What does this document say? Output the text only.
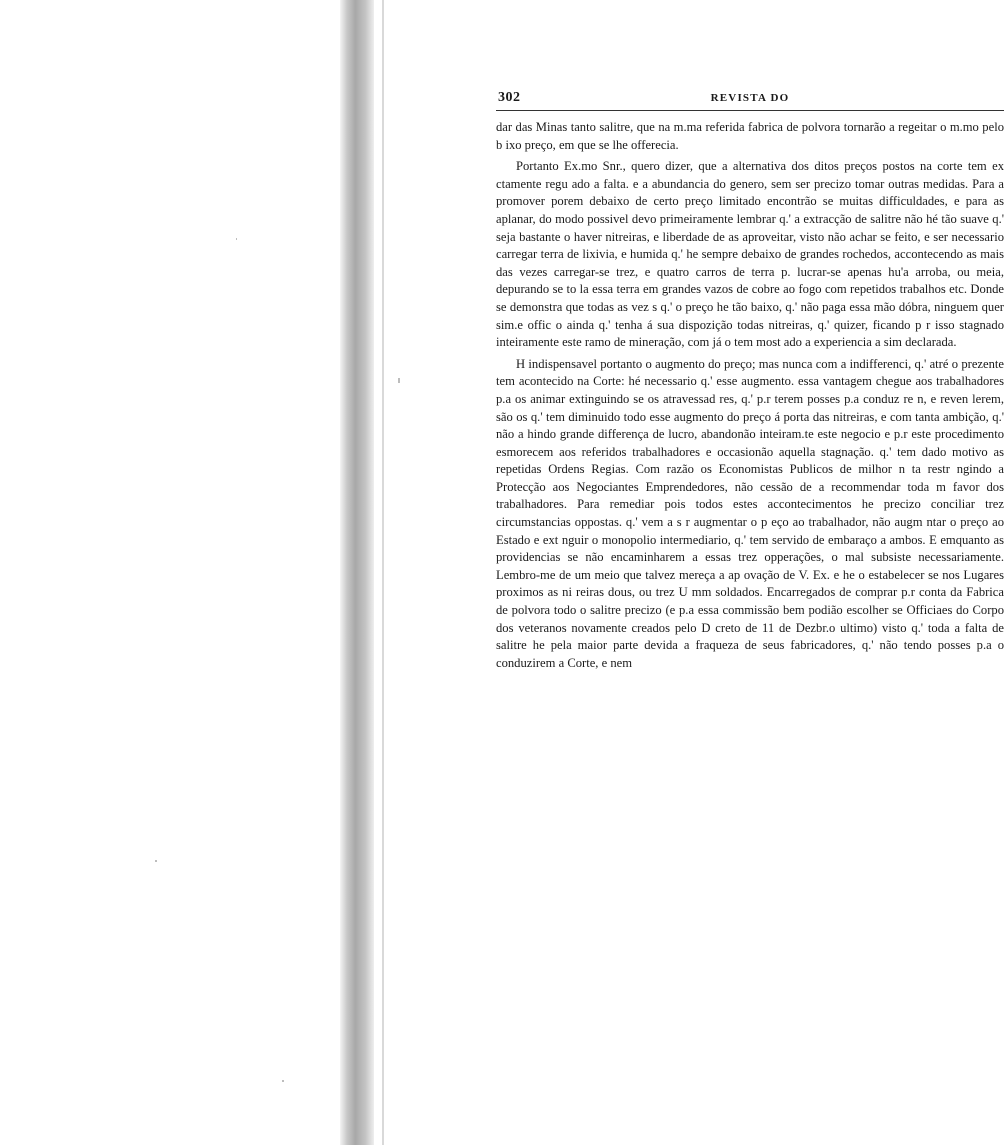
302	REVISTA DO

dar das Minas tanto salitre, que na m.ma referida fabrica de polvora tornarão a regeitar o m.mo pelo b ixo preço, em que se lhe offerecia.

Portanto Ex.mo Snr., quero dizer, que a alternativa dos ditos preços postos na corte tem ex ctamente regu ado a falta. e a abundancia do genero, sem ser precizo tomar outras medidas. Para a promover porem debaixo de certo preço limitado encontrão se muitas difficuldades, e para as aplanar, do modo possivel devo primeiramente lembrar q.' a extracção de salitre não hé tão suave q.' seja bastante o haver nitreiras, e liberdade de as aproveitar, visto não achar se feito, e ser necessario carregar terra de lixivia, e humida q.' he sempre debaixo de grandes rochedos, accontecendo as mais das vezes carregar-se trez, e quatro carros de terra p. lucrar-se apenas hu'a arroba, ou meia, depurando se to la essa terra em grandes vazos de cobre ao fogo com repetidos trabalhos etc. Donde se demonstra que todas as vez s q.' o preço he tão baixo, q.' não paga essa mão dóbra, ninguem quer sim.e offic o ainda q.' tenha á sua dispozição todas nitreiras, q.' quizer, ficando p r isso stagnado inteiramente este ramo de mineração, com já o tem most ado a experiencia a sim declarada.

H indispensavel portanto o augmento do preço; mas nunca com a indifferenci, q.' atré o prezente tem acontecido na Corte: hé necessario q.' esse augmento. essa vantagem chegue aos trabalhadores p.a os animar extinguindo se os atravessad res, q.' p.r terem posses p.a conduz re n, e reven lerem, são os q.' tem diminuido todo esse augmento do preço á porta das nitreiras, e com tanta ambição, q.' não a hindo grande differença de lucro, abandonão inteiram.te este negocio e p.r este procedimento esmorecem aos referidos trabalhadores e occasionão aquella stagnação. q.' tem dado motivo as repetidas Ordens Regias. Com razão os Economistas Publicos de milhor n ta restr ngindo a Protecção aos Negociantes Emprendedores, não cessão de a recommendar toda m favor dos trabalhadores. Para remediar pois todos estes accontecimentos he precizo conciliar trez circumstancias oppostas. q.' vem a s r augmentar o p eço ao trabalhador, não augm ntar o preço ao Estado e ext nguir o monopolio intermediario, q.' tem servido de embaraço a ambos. E emquanto as providencias se não encaminharem a essas trez opperações, o mal subsiste necessariamente. Lembro-me de um meio que talvez mereça a ap ovação de V. Ex. e he o estabelecer se nos Lugares proximos as ni reiras dous, ou trez U mm soldados. Encarregados de comprar p.r conta da Fabrica de polvora todo o salitre precizo (e p.a essa commissão bem podião escolher se Officiaes do Corpo dos veteranos novamente creados pelo D creto de 11 de Dezbr.o ultimo) visto q.' toda a falta de salitre he pela maior parte devida a fraqueza de seus fabricadores, q.' não tendo posses p.a o conduzirem a Corte, e nem
